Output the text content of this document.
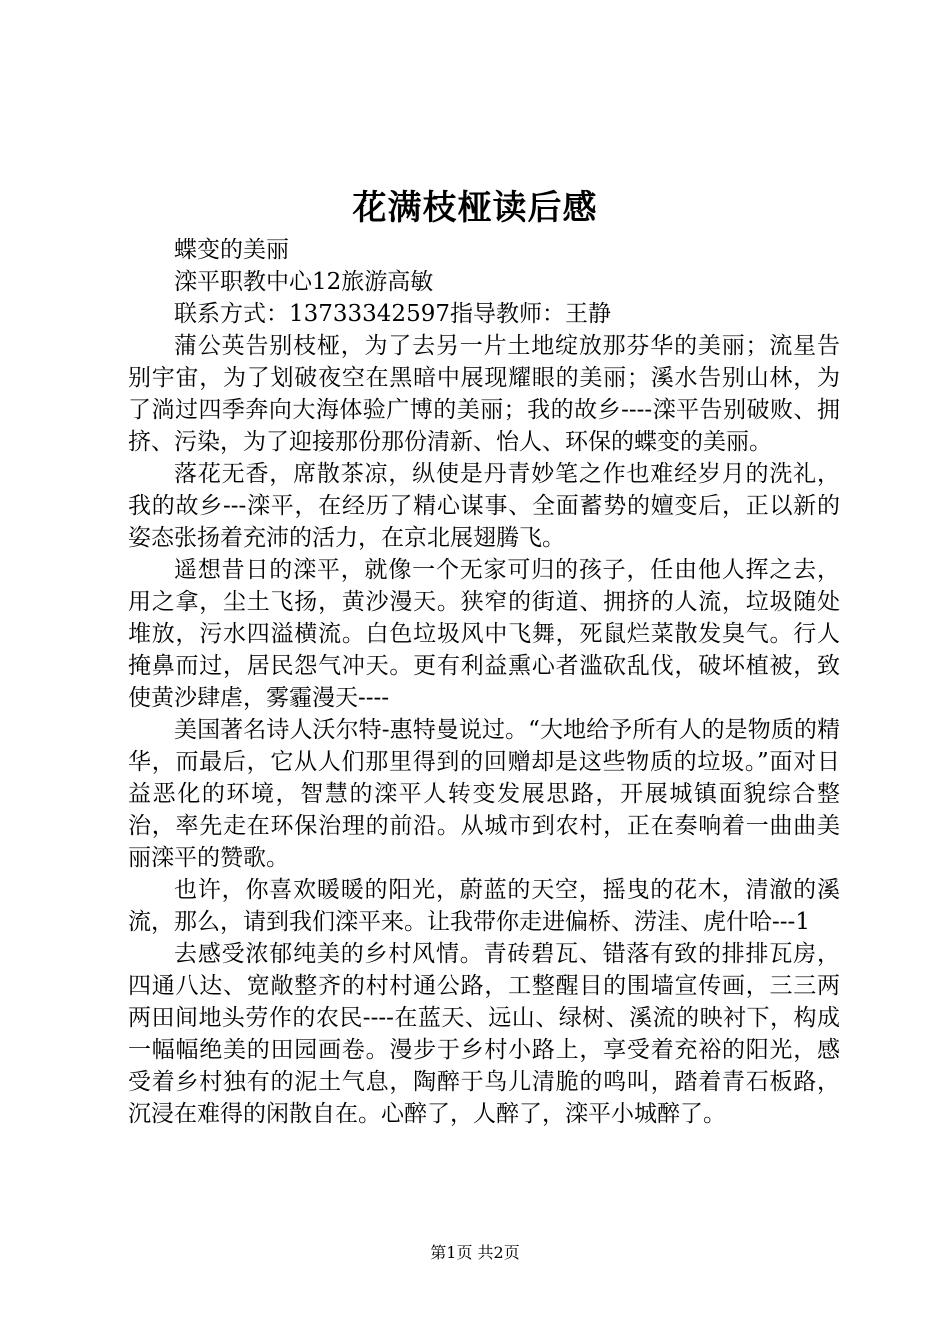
花满枝桠读后感

蝶变的美丽

滦平职教中心12旅游高敏

联系方式：13733342597指导教师：王静

蒲公英告别枝桠，为了去另一片土地绽放那芬华的美丽；流星告别宇宙，为了划破夜空在黑暗中展现耀眼的美丽；溪水告别山林，为了淌过四季奔向大海体验广博的美丽；我的故乡----滦平告别破败、拥挤、污染，为了迎接那份那份清新、怡人、环保的蝶变的美丽。

落花无香，席散茶凉，纵使是丹青妙笔之作也难经岁月的洗礼，我的故乡---滦平，在经历了精心谋事、全面蓄势的嬗变后，正以新的姿态张扬着充沛的活力，在京北展翅腾飞。

遥想昔日的滦平，就像一个无家可归的孩子，任由他人挥之去，用之拿，尘土飞扬，黄沙漫天。狭窄的街道、拥挤的人流，垃圾随处堆放，污水四溢横流。白色垃圾风中飞舞，死鼠烂菜散发臭气。行人掩鼻而过，居民怨气冲天。更有利益熏心者滥砍乱伐，破坏植被，致使黄沙肆虐，雾霾漫天----

美国著名诗人沃尔特-惠特曼说过。“大地给予所有人的是物质的精华，而最后，它从人们那里得到的回赠却是这些物质的垃圾。”面对日益恶化的环境，智慧的滦平人转变发展思路，开展城镇面貌综合整治，率先走在环保治理的前沿。从城市到农村，正在奏响着一曲曲美丽滦平的赞歌。

也许，你喜欢暖暖的阳光，蔚蓝的天空，摇曳的花木，清澈的溪流，那么，请到我们滦平来。让我带你走进偏桥、涝洼、虎什哈---1

去感受浓郁纯美的乡村风情。青砖碧瓦、错落有致的排排瓦房，四通八达、宽敞整齐的村村通公路，工整醒目的围墙宣传画，三三两两田间地头劳作的农民----在蓝天、远山、绿树、溪流的映衬下，构成一幅幅绝美的田园画卷。漫步于乡村小路上，享受着充裕的阳光，感受着乡村独有的泥土气息，陶醉于鸟儿清脆的鸣叫，踏着青石板路，沉浸在难得的闲散自在。心醉了，人醉了，滦平小城醉了。

第1页 共2页
